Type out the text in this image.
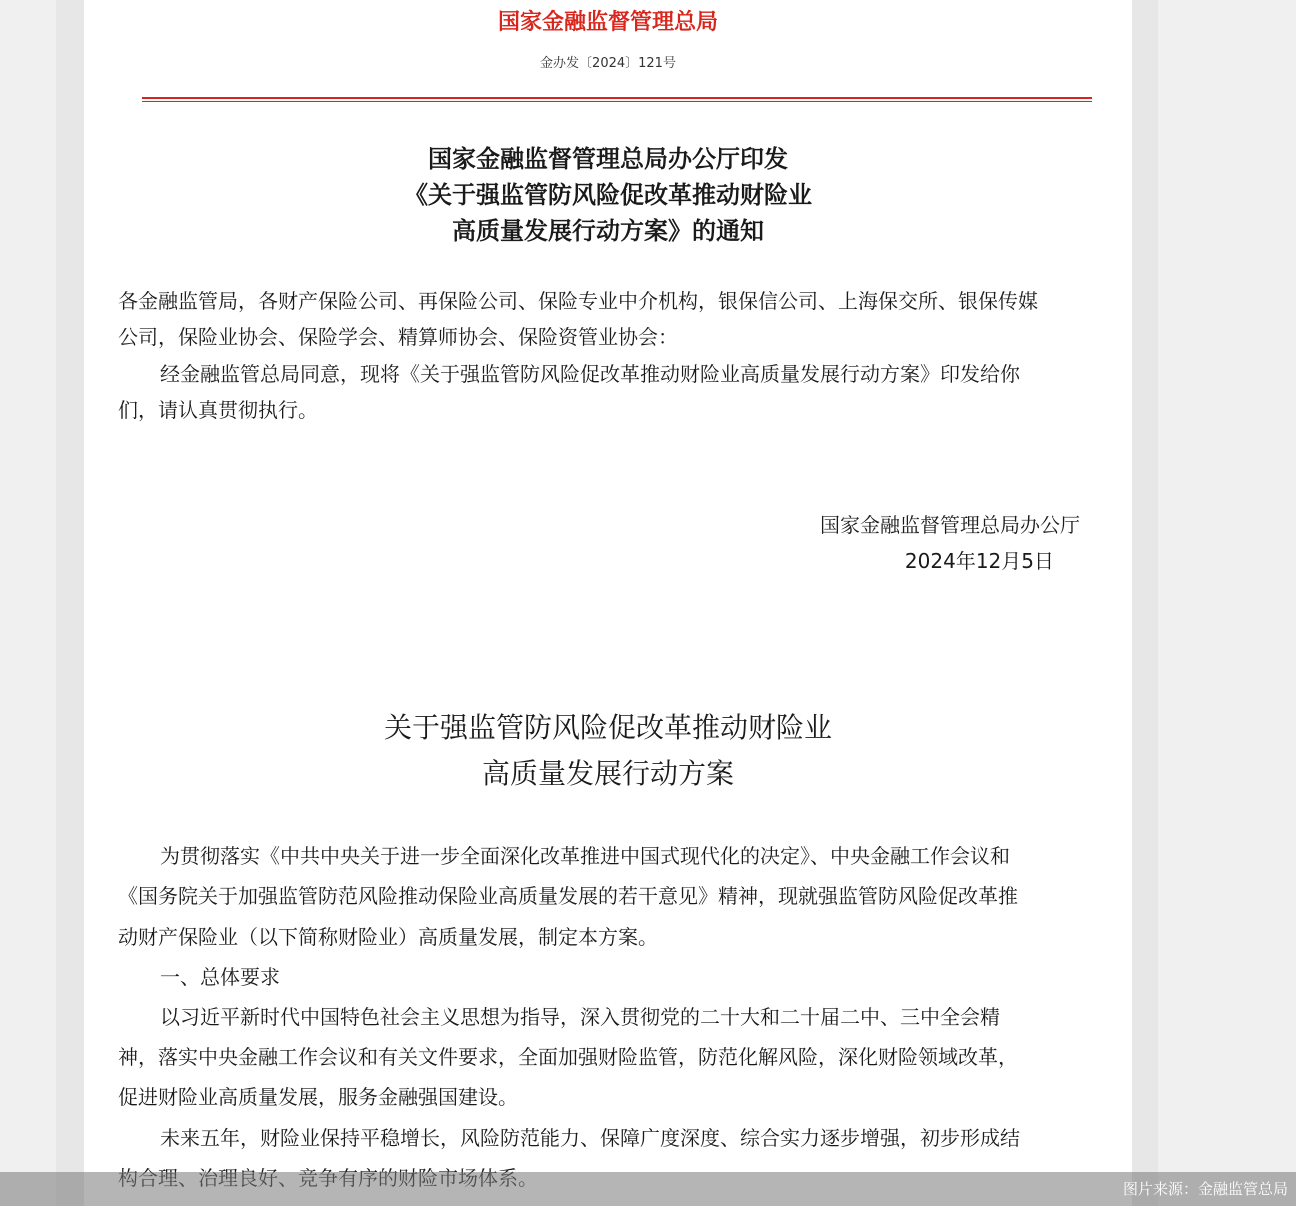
国家金融监督管理总局
金办发〔2024〕121号
国家金融监督管理总局办公厅印发
《关于强监管防风险促改革推动财险业
高质量发展行动方案》的通知
各金融监管局，各财产保险公司、再保险公司、保险专业中介机构，银保信公司、上海保交所、银保传媒
公司，保险业协会、保险学会、精算师协会、保险资管业协会：
经金融监管总局同意，现将《关于强监管防风险促改革推动财险业高质量发展行动方案》印发给你
们，请认真贯彻执行。
国家金融监督管理总局办公厅
2024年12月5日
关于强监管防风险促改革推动财险业
高质量发展行动方案
为贯彻落实《中共中央关于进一步全面深化改革推进中国式现代化的决定》、中央金融工作会议和
《国务院关于加强监管防范风险推动保险业高质量发展的若干意见》精神，现就强监管防风险促改革推
动财产保险业（以下简称财险业）高质量发展，制定本方案。
一、总体要求
以习近平新时代中国特色社会主义思想为指导，深入贯彻党的二十大和二十届二中、三中全会精
神，落实中央金融工作会议和有关文件要求，全面加强财险监管，防范化解风险，深化财险领域改革，
促进财险业高质量发展，服务金融强国建设。
未来五年，财险业保持平稳增长，风险防范能力、保障广度深度、综合实力逐步增强，初步形成结
图片来源：金融监管总局
